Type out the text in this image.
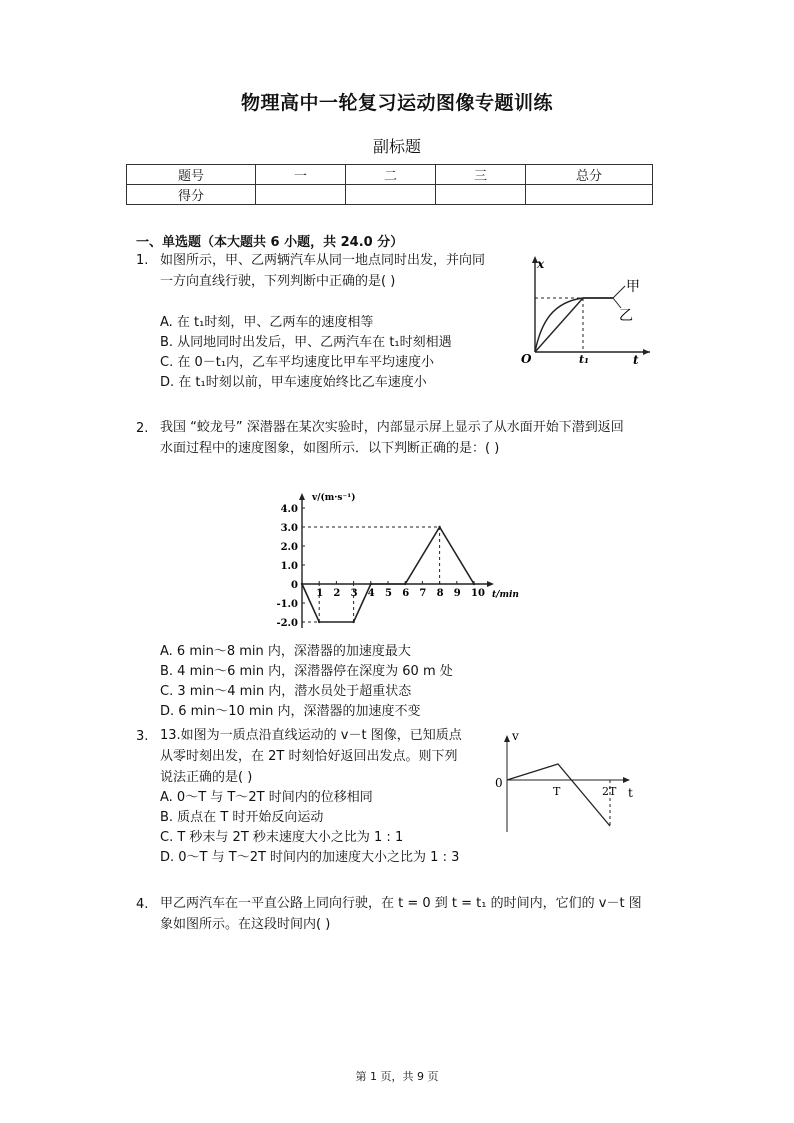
物理高中一轮复习运动图像专题训练
副标题
题号	一	二	三	总分
得分				
一、单选题（本大题共 6 小题，共 24.0 分）
1. 如图所示，甲、乙两辆汽车从同一地点同时出发，并向同
一方向直线行驶，下列判断中正确的是( )
A. 在 t₁时刻，甲、乙两车的速度相等
B. 从同地同时出发后，甲、乙两汽车在 t₁时刻相遇
C. 在 0－t₁内，乙车平均速度比甲车平均速度小
D. 在 t₁时刻以前，甲车速度始终比乙车速度小
x
t
O	t₁
甲
乙
2. 我国 “蛟龙号” 深潜器在某次实验时，内部显示屏上显示了从水面开始下潜到返回
水面过程中的速度图象，如图所示．以下判断正确的是：( )
v/(m·s⁻¹)
t/min
1 2 3 4 5 6 7 8 9 10
4.0
3.0
2.0
1.0
0
-1.0
-2.0
A. 6 min～8 min 内，深潜器的加速度最大
B. 4 min～6 min 内，深潜器停在深度为 60 m 处
C. 3 min～4 min 内，潜水员处于超重状态
D. 6 min～10 min 内，深潜器的加速度不变
3. 13.如图为一质点沿直线运动的 v－t 图像，已知质点
从零时刻出发，在 2T 时刻恰好返回出发点。则下列
说法正确的是( )
A. 0～T 与 T～2T 时间内的位移相同
B. 质点在 T 时开始反向运动
C. T 秒末与 2T 秒末速度大小之比为 1 : 1
D. 0～T 与 T～2T 时间内的加速度大小之比为 1 : 3
v
t
0
T	2T
4. 甲乙两汽车在一平直公路上同向行驶，在 t = 0 到 t = t₁ 的时间内，它们的 v－t 图
象如图所示。在这段时间内( )
第 1 页，共 9 页
